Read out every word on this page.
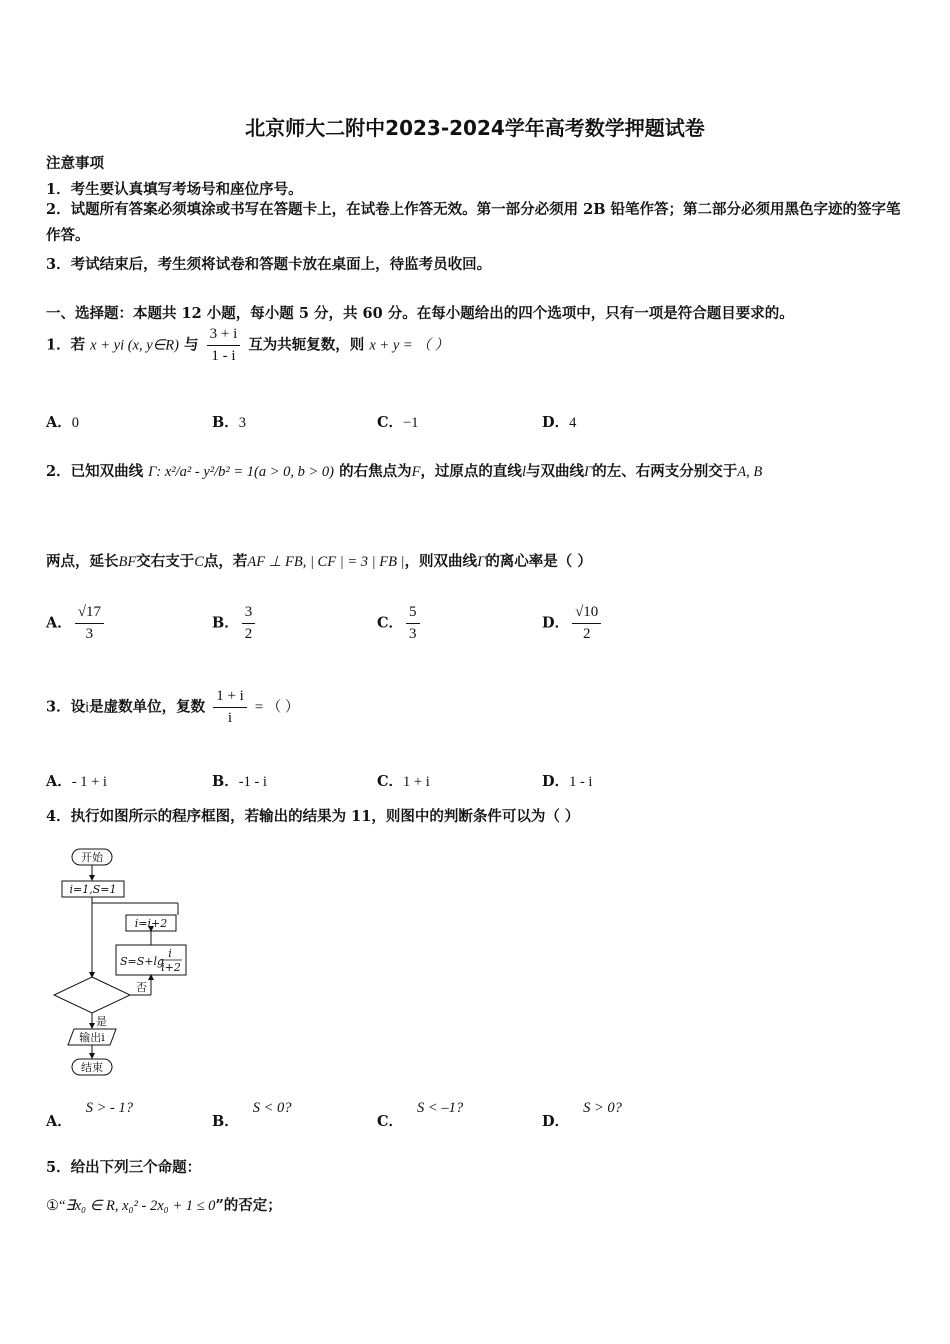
北京师大二附中2023-2024学年高考数学押题试卷
注意事项
1．考生要认真填写考场号和座位序号。
2．试题所有答案必须填涂或书写在答题卡上，在试卷上作答无效。第一部分必须用 2B 铅笔作答；第二部分必须用黑色字迹的签字笔作答。
3．考试结束后，考生须将试卷和答题卡放在桌面上，待监考员收回。
一、选择题：本题共 12 小题，每小题 5 分，共 60 分。在每小题给出的四个选项中，只有一项是符合题目要求的。
1．若 x + yi (x, y∈R) 与 $\frac{3 + i}{1 - i}$ 互为共轭复数，则 x + y = （ ）
A．0	B．3	C．−1	D．4
2．已知双曲线 Γ: x²/a² - y²/b² = 1(a > 0, b > 0) 的右焦点为F，过原点的直线l与双曲线Γ的左、右两支分别交于A, B
两点，延长BF交右支于C点，若AF ⊥ FB, | CF | = 3 | FB |，则双曲线Γ的离心率是（ ）
A． $\frac{√17}{3}$	B． $\frac{3}{2}$	C． $\frac{5}{3}$	D． $\frac{√10}{2}$
3．设i是虚数单位，复数 $\frac{1 + i}{i}$ = （ ）
A．- 1 + i	B．-1 - i	C．1 + i	D．1 - i
4．执行如图所示的程序框图，若输出的结果为 11，则图中的判断条件可以为（ ）
开始
i=1,S=1
i=i+2
S=S+lg
i
i+2
否
是
输出i
结束
A．S > - 1?
B．S < 0?
C．S < –1?
D．S > 0?
5．给出下列三个命题：
①“∃x₀ ∈ R, x₀² - 2x₀ + 1 ≤ 0”的否定；
